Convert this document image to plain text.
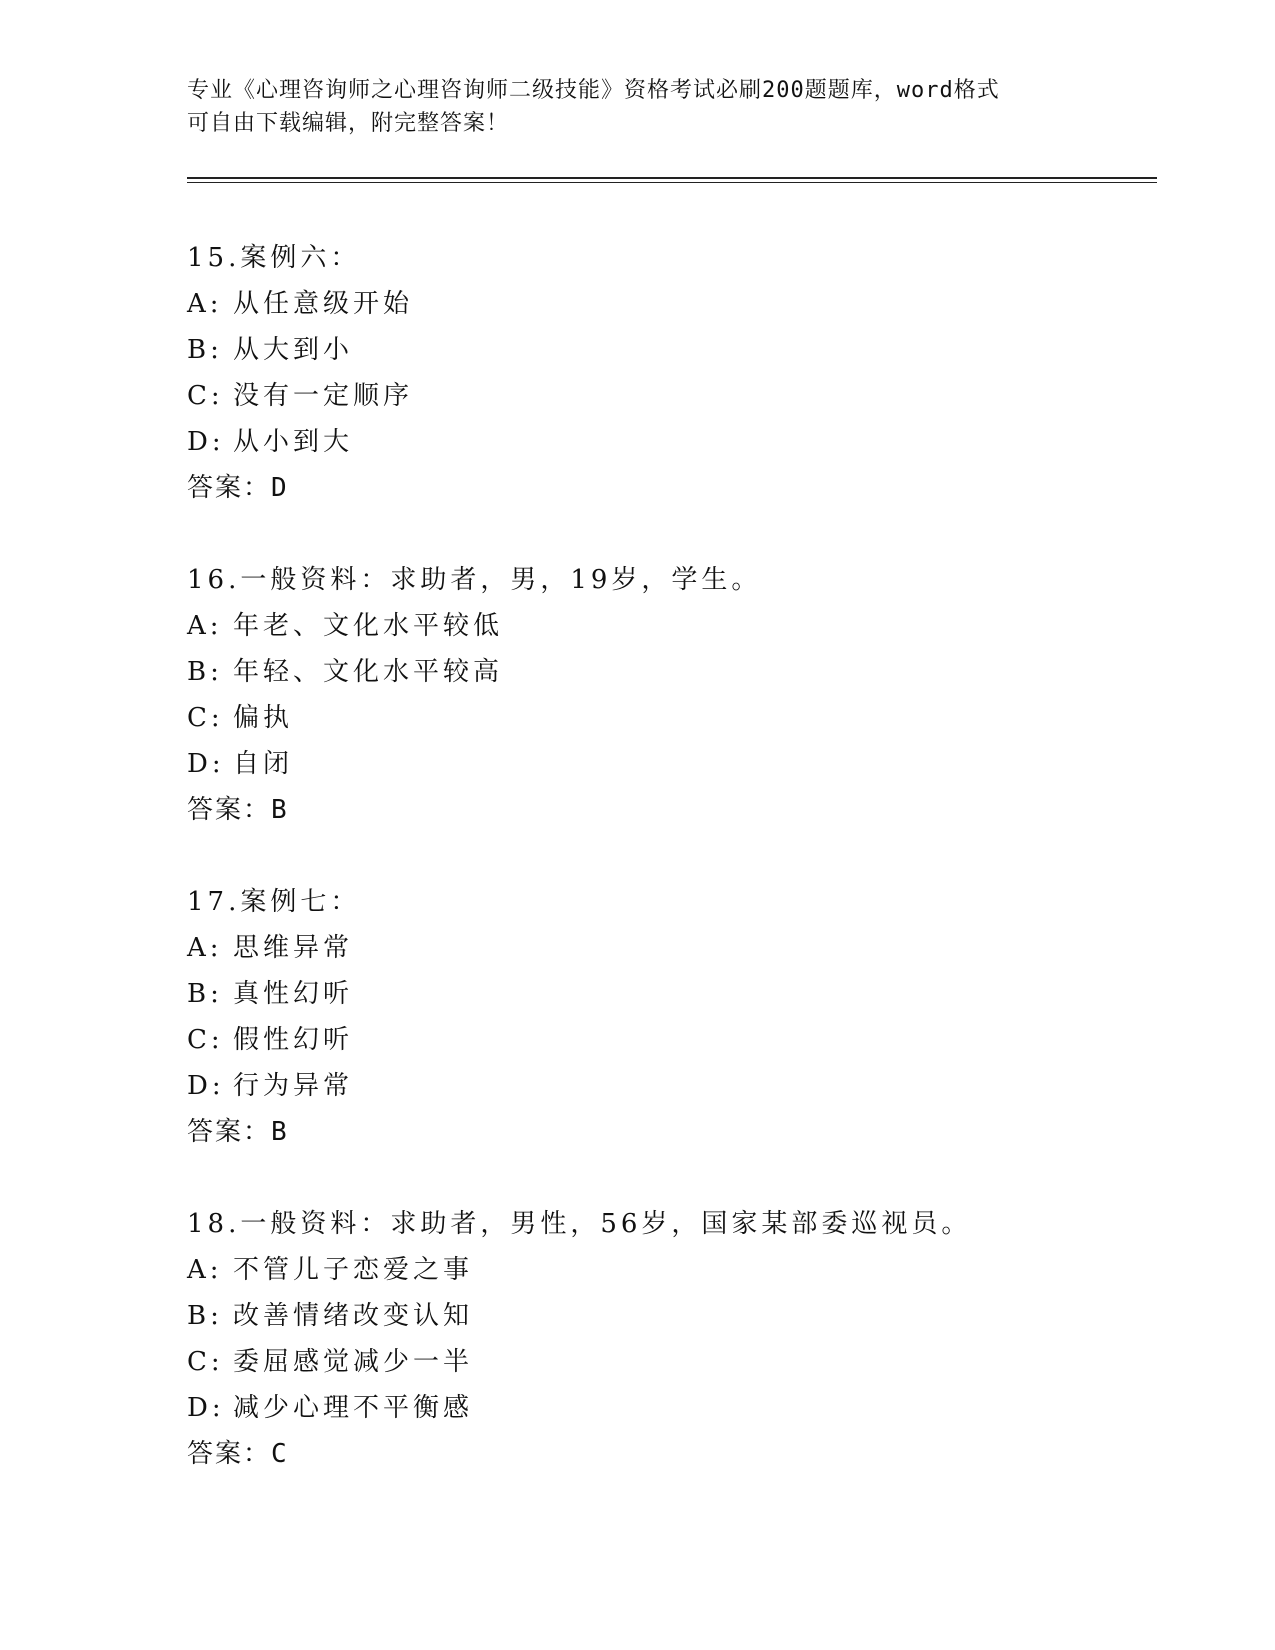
专业《心理咨询师之心理咨询师二级技能》资格考试必刷200题题库，word格式
可自由下载编辑，附完整答案！
15.案例六：
A: 从任意级开始
B: 从大到小
C: 没有一定顺序
D: 从小到大
答案：D
16.一般资料：求助者，男，19岁，学生。
A: 年老、文化水平较低
B: 年轻、文化水平较高
C: 偏执
D: 自闭
答案：B
17.案例七：
A: 思维异常
B: 真性幻听
C: 假性幻听
D: 行为异常
答案：B
18.一般资料：求助者，男性，56岁，国家某部委巡视员。
A: 不管儿子恋爱之事
B: 改善情绪改变认知
C: 委屈感觉减少一半
D: 减少心理不平衡感
答案：C
